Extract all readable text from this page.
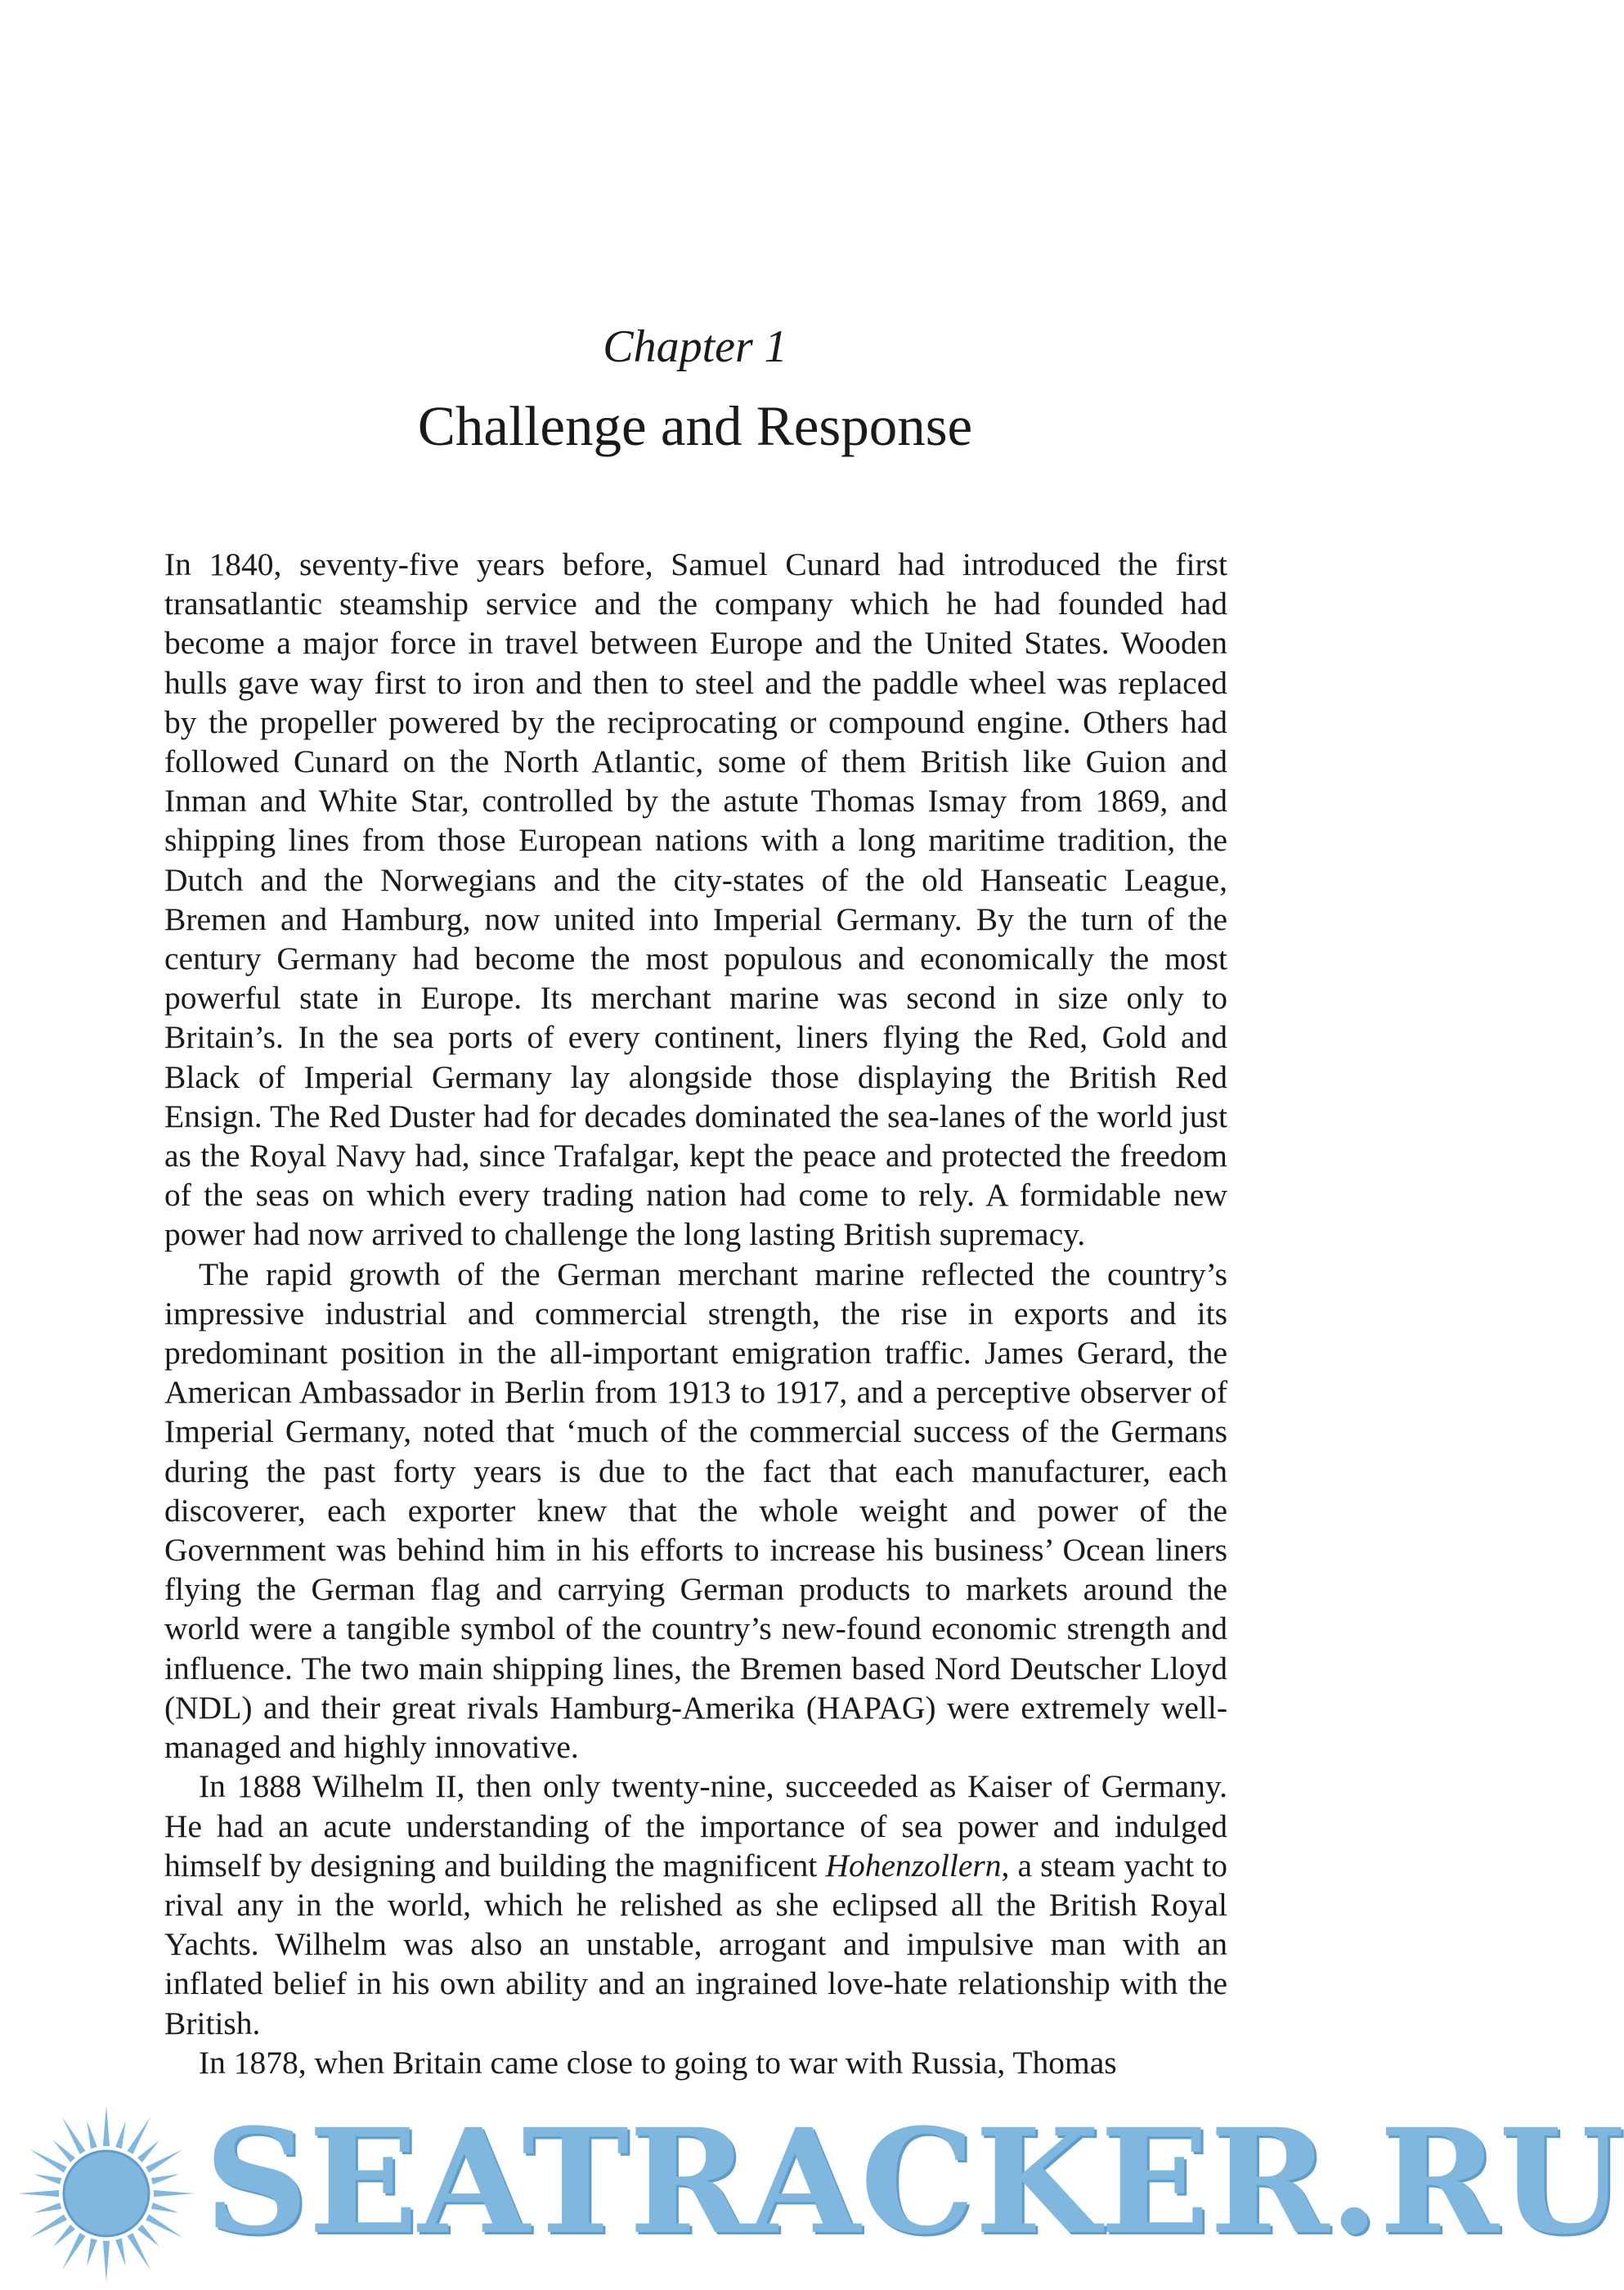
Chapter 1
Challenge and Response

In 1840, seventy-five years before, Samuel Cunard had introduced the first transatlantic steamship service and the company which he had founded had become a major force in travel between Europe and the United States. Wooden hulls gave way first to iron and then to steel and the paddle wheel was replaced by the propeller powered by the reciprocating or compound engine. Others had followed Cunard on the North Atlantic, some of them British like Guion and Inman and White Star, controlled by the astute Thomas Ismay from 1869, and shipping lines from those European nations with a long maritime tradition, the Dutch and the Norwegians and the city-states of the old Hanseatic League, Bremen and Hamburg, now united into Imperial Germany. By the turn of the century Germany had become the most populous and economically the most powerful state in Europe. Its merchant marine was second in size only to Britain’s. In the sea ports of every continent, liners flying the Red, Gold and Black of Imperial Germany lay alongside those displaying the British Red Ensign. The Red Duster had for decades dominated the sea-lanes of the world just as the Royal Navy had, since Trafalgar, kept the peace and protected the freedom of the seas on which every trading nation had come to rely. A formidable new power had now arrived to challenge the long lasting British supremacy.

The rapid growth of the German merchant marine reflected the country’s impressive industrial and commercial strength, the rise in exports and its predominant position in the all-important emigration traffic. James Gerard, the American Ambassador in Berlin from 1913 to 1917, and a perceptive observer of Imperial Germany, noted that ‘much of the commercial success of the Germans during the past forty years is due to the fact that each manufacturer, each discoverer, each exporter knew that the whole weight and power of the Government was behind him in his efforts to increase his business’ Ocean liners flying the German flag and carrying German products to markets around the world were a tangible symbol of the country’s new-found economic strength and influence. The two main shipping lines, the Bremen based Nord Deutscher Lloyd (NDL) and their great rivals Hamburg-Amerika (HAPAG) were extremely well-managed and highly innovative.

In 1888 Wilhelm II, then only twenty-nine, succeeded as Kaiser of Germany. He had an acute understanding of the importance of sea power and indulged himself by designing and building the magnificent Hohenzollern, a steam yacht to rival any in the world, which he relished as she eclipsed all the British Royal Yachts. Wilhelm was also an unstable, arrogant and impulsive man with an inflated belief in his own ability and an ingrained love-hate relationship with the British.

In 1878, when Britain came close to going to war with Russia, Thomas

SEATRACKER.RU
